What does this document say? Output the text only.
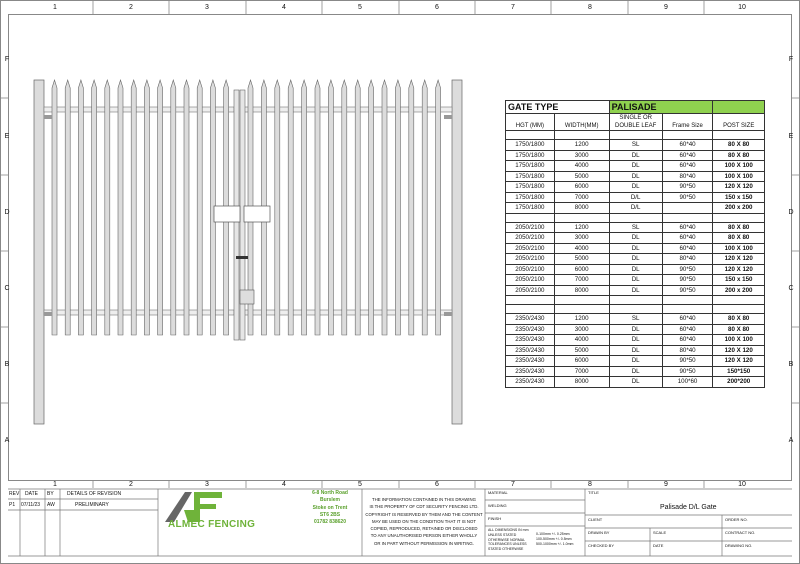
GATE TYPE		PALISADE		
HGT (MM)	WIDTH(MM)	SINGLE OR DOUBLE LEAF	Frame Size	POST SIZE

1750/1800	1200	SL	60*40	80 X 80
1750/1800	3000	DL	60*40	80 X 80
1750/1800	4000	DL	60*40	100 X 100
1750/1800	5000	DL	80*40	100 X 100
1750/1800	6000	DL	90*50	120 X 120
1750/1800	7000	D/L	90*50	150 x 150
1750/1800	8000	D/L		200 x 200

2050/2100	1200	SL	60*40	80 X 80
2050/2100	3000	DL	60*40	80 X 80
2050/2100	4000	DL	60*40	100 X 100
2050/2100	5000	DL	80*40	120 X 120
2050/2100	6000	DL	90*50	120 X 120
2050/2100	7000	DL	90*50	150 x 150
2050/2100	8000	DL	90*50	200 x 200

2350/2430	1200	SL	60*40	80 X 80
2350/2430	3000	DL	60*40	80 X 80
2350/2430	4000	DL	60*40	100 X 100
2350/2430	5000	DL	80*40	120 X 120
2350/2430	6000	DL	90*50	120 X 120
2350/2430	7000	DL	90*50	150*150
2350/2430	8000	DL	100*60	200*200
REV DATE BY	DETAILS OF REVISION
P1 07/11/23 AW	PRELIMINARY
ALMEC FENCING
6-8 North Road
Burslem
Stoke on Trent
ST6 2BS
01782 838620
THE INFORMATION CONTAINED IN THIS DRAWING
IS THE PROPERTY OF CDT SECURITY FENCING LTD.
COPYRIGHT IS RESERVED BY THEM AND THE CONTENT
MAY BE USED ON THE CONDITION THAT IT IS NOT
COPIED, REPRODUCED, RETAINED OR DISCLOSED
TO ANY UNAUTHORISED PERSON EITHER WHOLLY
OR IN PART WITHOUT PERMISSION IN WRITING.
MATERIAL
WELDING
FINISH
ALL DIMENSIONS IN mm
UNLESS STATED
OTHERWISE NORMAL
TOLERANCES UNLESS
STATED OTHERWISE
0-100mm +/- 0.25mm
100-500mm +/- 0.5mm
500-1000mm +/- 1.0mm
TITLE
Palisade D/L Gate
CLIENT	ORDER NO.
DRAWN BY	SCALE	CONTRACT NO.
CHECKED BY	DATE	DRAWING NO.
1
1
2
2
3
3
4
4
5
5
6
6
7
7
8
8
9
9
10
10
F	F
E	E
D	D
C	C
B	B
A	A
